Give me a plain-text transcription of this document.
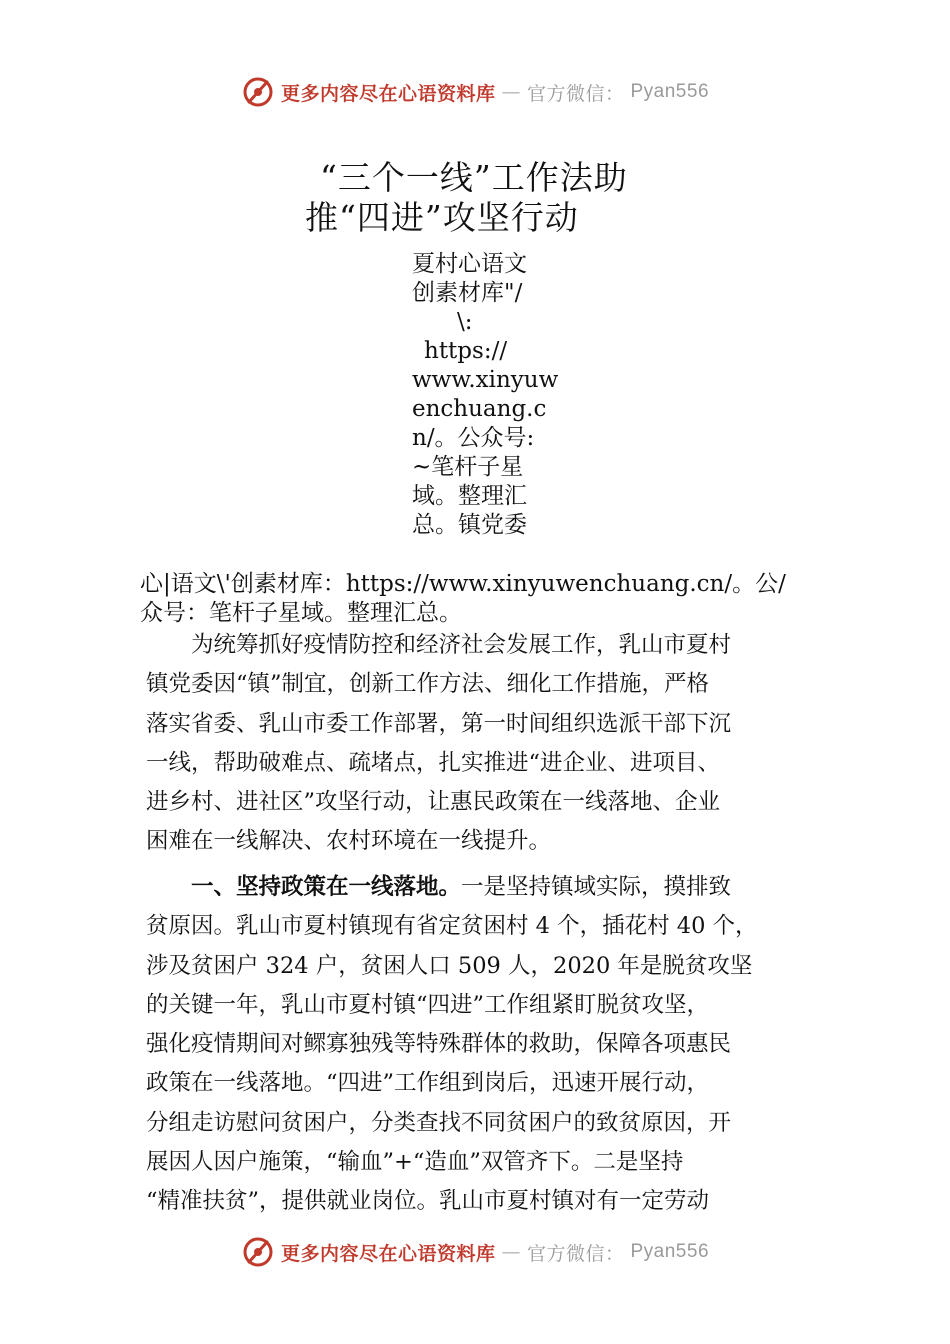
更多内容尽在心语资料库 — 官方微信： Pyan556
“三个一线”工作法助
推“四进”攻坚行动
夏村心语文
创素材库"/
\:
https://
www.xinyuw
enchuang.c
n/。公众号:
~笔杆子星
域。整理汇
总。镇党委
心|语文\'创素材库：https://www.xinyuwenchuang.cn/。公/
众号：笔杆子星域。整理汇总。
为统筹抓好疫情防控和经济社会发展工作，乳山市夏村
镇党委因“镇”制宜，创新工作方法、细化工作措施，严格
落实省委、乳山市委工作部署，第一时间组织选派干部下沉
一线，帮助破难点、疏堵点，扎实推进“进企业、进项目、
进乡村、进社区”攻坚行动，让惠民政策在一线落地、企业
困难在一线解决、农村环境在一线提升。
一、坚持政策在一线落地。一是坚持镇域实际，摸排致
贫原因。乳山市夏村镇现有省定贫困村 4 个，插花村 40 个，
涉及贫困户 324 户，贫困人口 509 人，2020 年是脱贫攻坚
的关键一年，乳山市夏村镇“四进”工作组紧盯脱贫攻坚，
强化疫情期间对鳏寡独残等特殊群体的救助，保障各项惠民
政策在一线落地。“四进”工作组到岗后，迅速开展行动，
分组走访慰问贫困户，分类查找不同贫困户的致贫原因，开
展因人因户施策，“输血”+“造血”双管齐下。二是坚持
“精准扶贫”，提供就业岗位。乳山市夏村镇对有一定劳动
更多内容尽在心语资料库 — 官方微信： Pyan556
